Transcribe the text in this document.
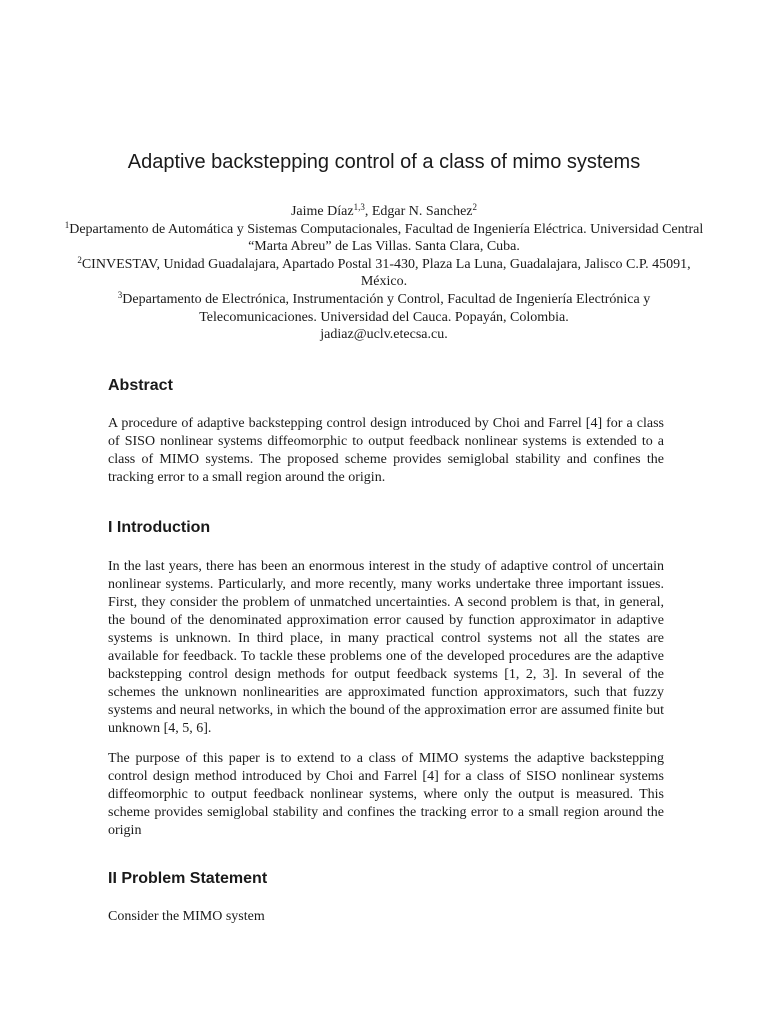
Adaptive backstepping control of a class of mimo systems
Jaime Díaz$^{1,3}$, Edgar N. Sanchez$^2$
$^1$Departamento de Automática y Sistemas Computacionales, Facultad de Ingeniería Eléctrica. Universidad Central “Marta Abreu” de Las Villas. Santa Clara, Cuba.
$^2$CINVESTAV, Unidad Guadalajara, Apartado Postal 31-430, Plaza La Luna, Guadalajara, Jalisco C.P. 45091, México.
$^3$Departamento de Electrónica, Instrumentación y Control, Facultad de Ingeniería Electrónica y Telecomunicaciones. Universidad del Cauca. Popayán, Colombia.
jadiaz@uclv.etecsa.cu.
Abstract
A procedure of adaptive backstepping control design introduced by Choi and Farrel [4] for a class of SISO nonlinear systems diffeomorphic to output feedback nonlinear systems is extended to a class of MIMO systems. The proposed scheme provides semiglobal stability and confines the tracking error to a small region around the origin.
I Introduction
In the last years, there has been an enormous interest in the study of adaptive control of uncertain nonlinear systems. Particularly, and more recently, many works undertake three important issues. First, they consider the problem of unmatched uncertainties. A second problem is that, in general, the bound of the denominated approximation error caused by function approximator in adaptive systems is unknown. In third place, in many practical control systems not all the states are available for feedback. To tackle these problems one of the developed procedures are the adaptive backstepping control design methods for output feedback systems [1, 2, 3]. In several of the schemes the unknown nonlinearities are approximated function approximators, such that fuzzy systems and neural networks, in which the bound of the approximation error are assumed finite but unknown [4, 5, 6].
The purpose of this paper is to extend to a class of MIMO systems the adaptive backstepping control design method introduced by Choi and Farrel [4] for a class of SISO nonlinear systems diffeomorphic to output feedback nonlinear systems, where only the output is measured. This scheme provides semiglobal stability and confines the tracking error to a small region around the origin
II Problem Statement
Consider the MIMO system
